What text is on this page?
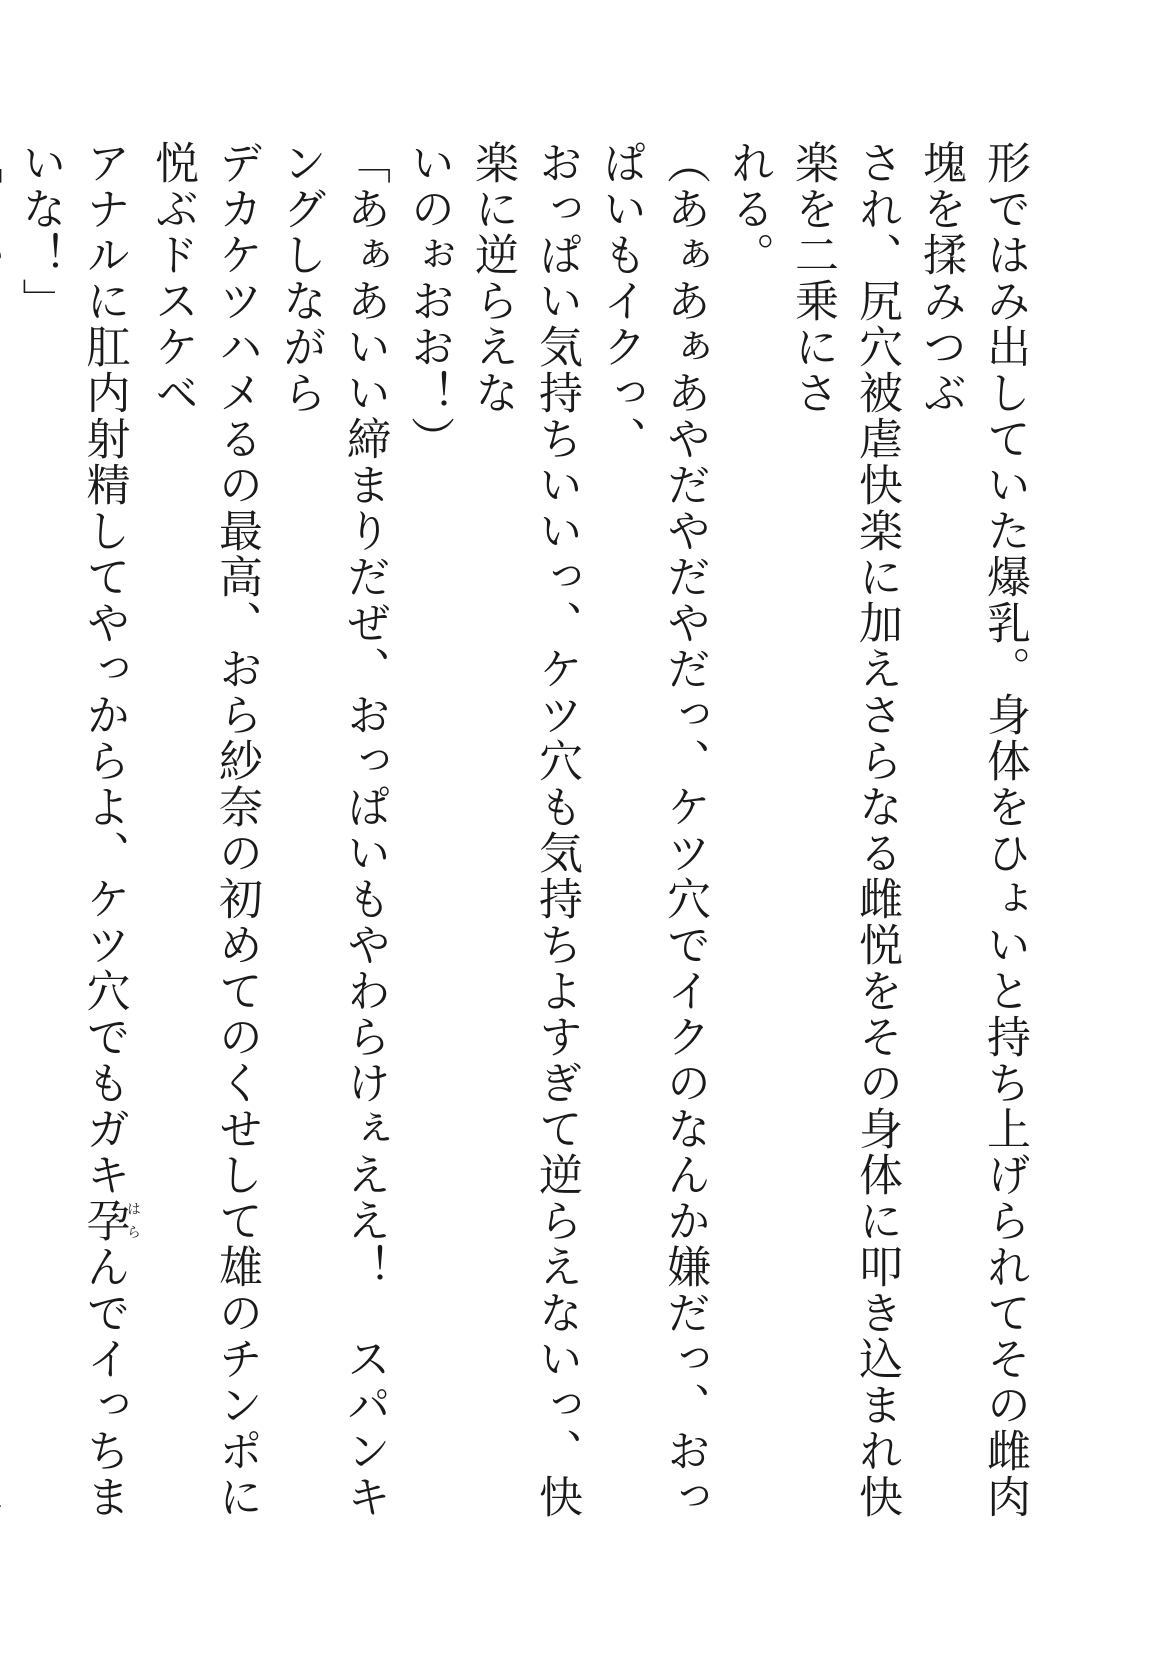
形ではみ出していた爆乳。身体をひょいと持ち上げられてその雌肉塊を揉みつぶ

され、尻穴被虐快楽に加えさらなる雌悦をその身体に叩き込まれ快楽を二乗にさ

れる。

（あぁあぁあやだやだやだっ、ケツ穴でイクのなんか嫌だっ、おっぱいもイクっ、

おっぱい気持ちいいっ、ケツ穴も気持ちよすぎて逆らえないっ、快楽に逆らえな

いのぉおお！）

「あぁあいい締まりだぜ、おっぱいもやわらけぇええ！　スパンキングしながら

デカケツハメるの最高、おら紗奈の初めてのくせして雄のチンポに悦ぶドスケベ

アナルに肛内射精してやっからよ、ケツ穴でもガキ孕はらんでイっちまいな！」
